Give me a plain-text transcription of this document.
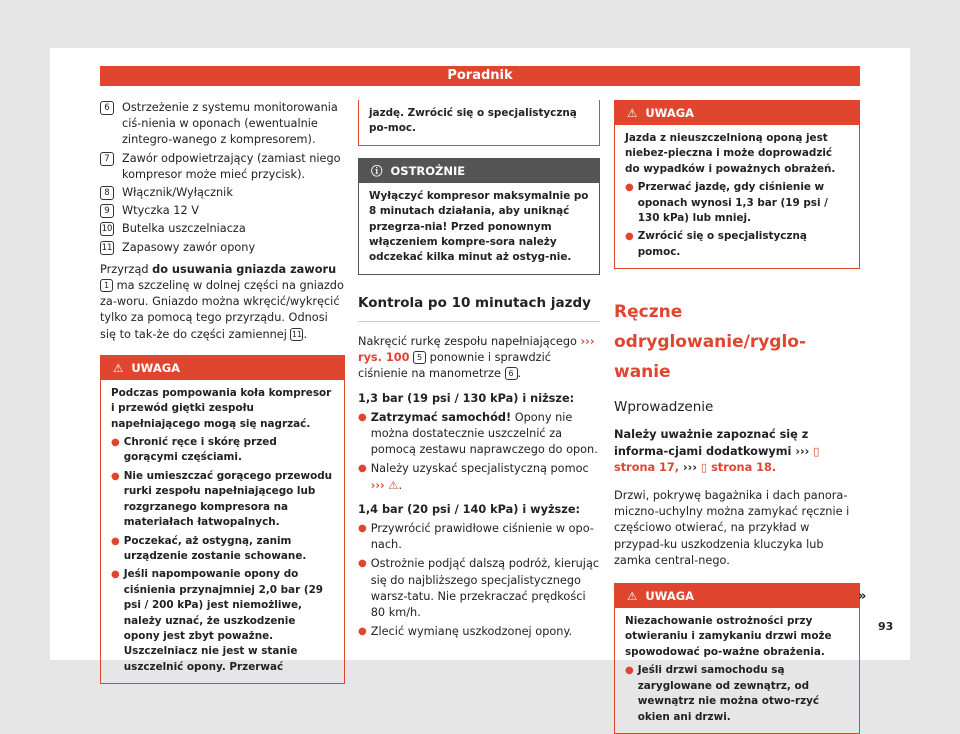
Poradnik
6	Ostrzeżenie z systemu monitorowania ciś-nienia w oponach (ewentualnie zintegro-wanego z kompresorem).
7	Zawór odpowietrzający (zamiast niego kompresor może mieć przycisk).
8	Włącznik/Wyłącznik
9	Wtyczka 12 V
10 Butelka uszczelniacza
11 Zapasowy zawór opony

Przyrząd do usuwania gniazda zaworu 1 ma szczelinę w dolnej części na gniazdo za-woru. Gniazdo można wkręcić/wykręcić tylko za pomocą tego przyrządu. Odnosi się to tak-że do części zamiennej 11.

⚠ UWAGA

Podczas pompowania koła kompresor i przewód giętki zespołu napełniającego mogą się nagrzać.

● Chronić ręce i skórę przed gorącymi częściami.
● Nie umieszczać gorącego przewodu rurki zespołu napełniającego lub rozgrzanego kompresora na materiałach łatwopalnych.
● Poczekać, aż ostygną, zanim urządzenie zostanie schowane.
● Jeśli napompowanie opony do ciśnienia przynajmniej 2,0 bar (29 psi / 200 kPa) jest niemożliwe, należy uznać, że uszkodzenie opony jest zbyt poważne. Uszczelniacz nie jest w stanie uszczelnić opony. Przerwać

jazdę. Zwrócić się o specjalistyczną po-moc.

ⓘ OSTROŻNIE

Wyłączyć kompresor maksymalnie po 8 minutach działania, aby uniknąć przegrza-nia! Przed ponownym włączeniem kompre-sora należy odczekać kilka minut aż ostyg-nie.

Kontrola po 10 minutach jazdy

Nakręcić rurkę zespołu napełniającego ››› rys. 100 5 ponownie i sprawdzić ciśnienie na manometrze 6 .

1,3 bar (19 psi / 130 kPa) i niższe:

● Zatrzymać samochód! Opony nie można dostatecznie uszczelnić za pomocą zestawu naprawczego do opon.
● Należy uzyskać specjalistyczną pomoc ››› ⚠.

1,4 bar (20 psi / 140 kPa) i wyższe:

● Przywrócić prawidłowe ciśnienie w opo-nach.
● Ostrożnie podjąć dalszą podróż, kierując się do najbliższego specjalistycznego warsz-tatu. Nie przekraczać prędkości 80 km/h.
● Zlecić wymianę uszkodzonej opony.
⚠ UWAGA

Jazda z nieuszczelnioną oponą jest niebez-pieczna i może doprowadzić do wypadków i poważnych obrażeń.

● Przerwać jazdę, gdy ciśnienie w oponach wynosi 1,3 bar (19 psi / 130 kPa) lub mniej.
● Zwrócić się o specjalistyczną pomoc.
Ręczne odryglowanie/ryglo-wanie
Wprowadzenie

Należy uważnie zapoznać się z informa-cjami dodatkowymi ››› ▯ strona 17, ››› ▯ strona 18.

Drzwi, pokrywę bagażnika i dach panora-miczno-uchylny można zamykać ręcznie i częściowo otwierać, na przykład w przypad-ku uszkodzenia kluczyka lub zamka central-nego.

⚠ UWAGA

Niezachowanie ostrożności przy otwieraniu i zamykaniu drzwi może spowodować po-ważne obrażenia.

● Jeśli drzwi samochodu są zaryglowane od zewnątrz, od wewnątrz nie można otwo-rzyć okien ani drzwi.
»
93
